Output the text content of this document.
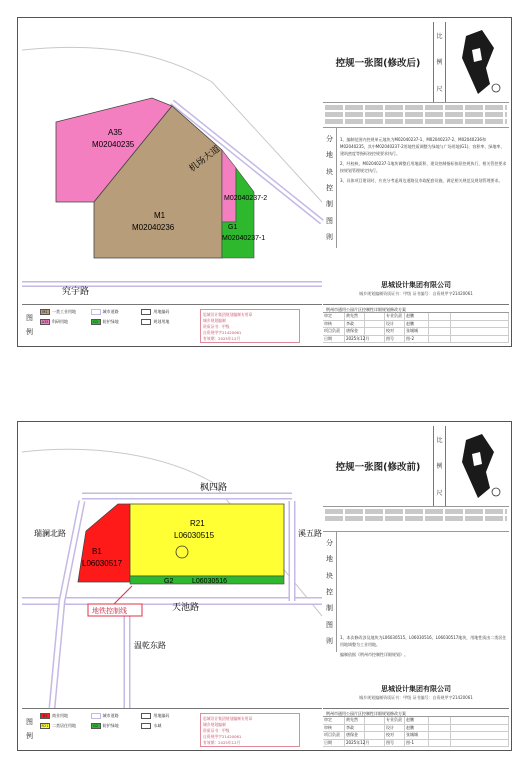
A35
M02040235
M1
M02040236
M02040237-2
G1
M02040237-1
机场大道
究宇路
控规一张图(修改后)
比
例
尺
分
地
块
控
制
图
则

1、编制范围内控规单元地块为M02040237-1、M02040237-2、M02040236和M02040235，其中M02040237-2用地性质调整为绿地与广场用地(G1)，容积率、绿地率、建筑密度等指标按控规要求执行。

2、经校核，M02040237-1地块调整后用地面积、建设控制指标按原控规执行，相关管控要求按规划管理规定执行。

3、具体项目建设时，应充分考虑周边道路及市政配套设施，满足相关规范及规划管理要求。

思城设计集团有限公司
城乡规划编制资质证书：甲级 证书编号：自资规甲字21420061
图
例
M1	一类工业用地	城市道路	用地编码
A35 科研用地	G1	防护绿地	规划用地
思城设计集团规划编制专用章
城乡规划编制
资质证书：甲级
自资规甲字21420061
有效期：2025年12月
荆州市通用公园片区控制性详细规划修改方案
审定	黄先然	专业负责	赵鹏
审核	李政	设计	赵鹏
项目负责	唐保金	校对	张城城
日期	2025年12月	图号	图-2
B1
L06030517
R21
L06030515
G2	L06030516
枫四路
瑞澜北路	溪五路
天池路
温乾东路
地铁控制线
控规一张图(修改前)
比
例
尺
分
地
块
控
制
图
则 1、本次修改涉及地块为L06030515、L06030516、L06030517地块，用地性质由二类居住用地调整为工业用地。

编制依据《荆州市控制性详细规划》。

思城设计集团有限公司
城乡规划编制资质证书：甲级 证书编号：自资规甲字21420061
图
例
B1	商业用地	城市道路	用地编码
R21 二类居住用地	G2	防护绿地	水域
思城设计集团规划编制专用章
城乡规划编制
资质证书：甲级
自资规甲字21420061
有效期：2025年12月
荆州市通用公园片区控制性详细规划修改方案
审定	黄先然	专业负责	赵鹏
审核	李政	设计	赵鹏
项目负责	唐保金	校对	张城城
日期	2025年12月	图号	图-1
